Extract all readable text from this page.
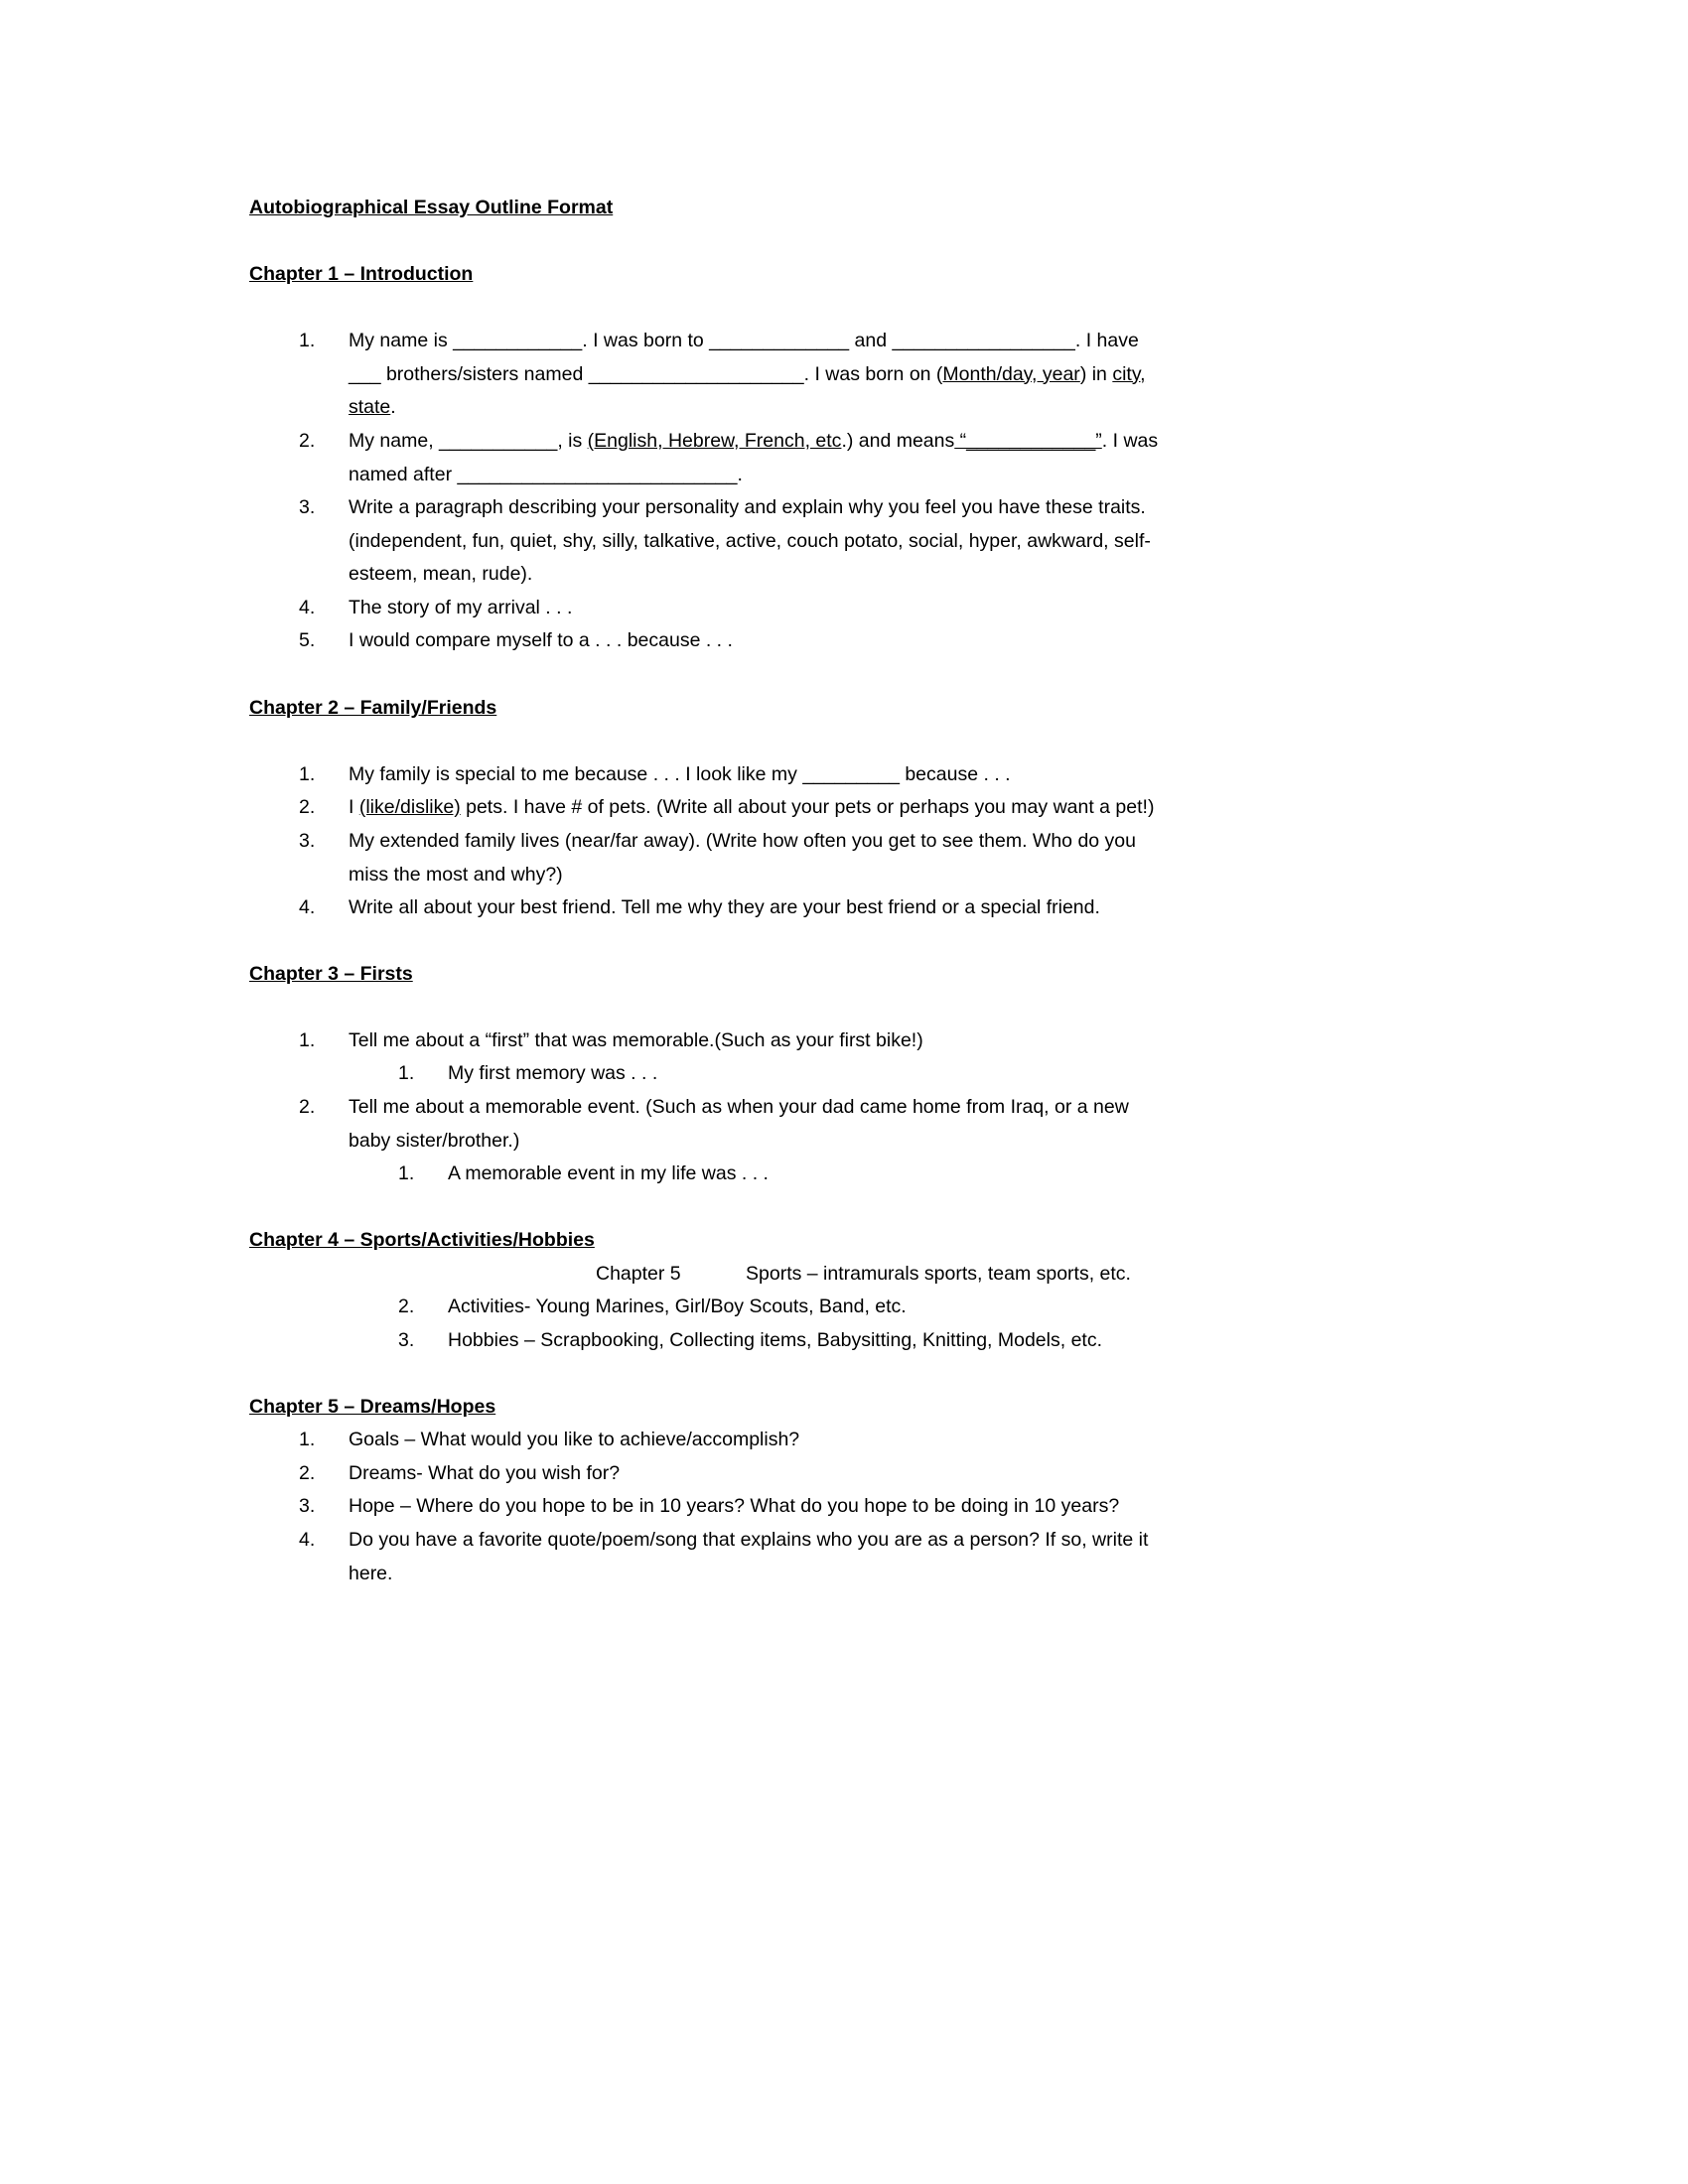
Autobiographical Essay Outline Format
Chapter 1 – Introduction
1. My name is ____________. I was born to _____________ and _________________. I have
___ brothers/sisters named ____________________. I was born on (Month/day, year) in city,
state.
2. My name, ___________, is (English, Hebrew, French, etc.) and means “____________”. I was
named after __________________________.
3. Write a paragraph describing your personality and explain why you feel you have these traits.
(independent, fun, quiet, shy, silly, talkative, active, couch potato, social, hyper, awkward, self-
esteem, mean, rude).
4. The story of my arrival . . .
5. I would compare myself to a . . . because . . .
Chapter 2 – Family/Friends
1. My family is special to me because . . . I look like my _________ because . . .
2. I (like/dislike) pets. I have # of pets. (Write all about your pets or perhaps you may want a pet!)
3. My extended family lives (near/far away). (Write how often you get to see them. Who do you
miss the most and why?)
4. Write all about your best friend. Tell me why they are your best friend or a special friend.
Chapter 3 – Firsts
1. Tell me about a “first” that was memorable.(Such as your first bike!)
1. My first memory was . . .
2. Tell me about a memorable event. (Such as when your dad came home from Iraq, or a new
baby sister/brother.)
1. A memorable event in my life was . . .
Chapter 4 – Sports/Activities/Hobbies
Chapter 5	Sports – intramurals sports, team sports, etc.
2. Activities- Young Marines, Girl/Boy Scouts, Band, etc.
3. Hobbies – Scrapbooking, Collecting items, Babysitting, Knitting, Models, etc.
Chapter 5 – Dreams/Hopes
1. Goals – What would you like to achieve/accomplish?
2. Dreams- What do you wish for?
3. Hope – Where do you hope to be in 10 years? What do you hope to be doing in 10 years?
4. Do you have a favorite quote/poem/song that explains who you are as a person? If so, write it
here.
